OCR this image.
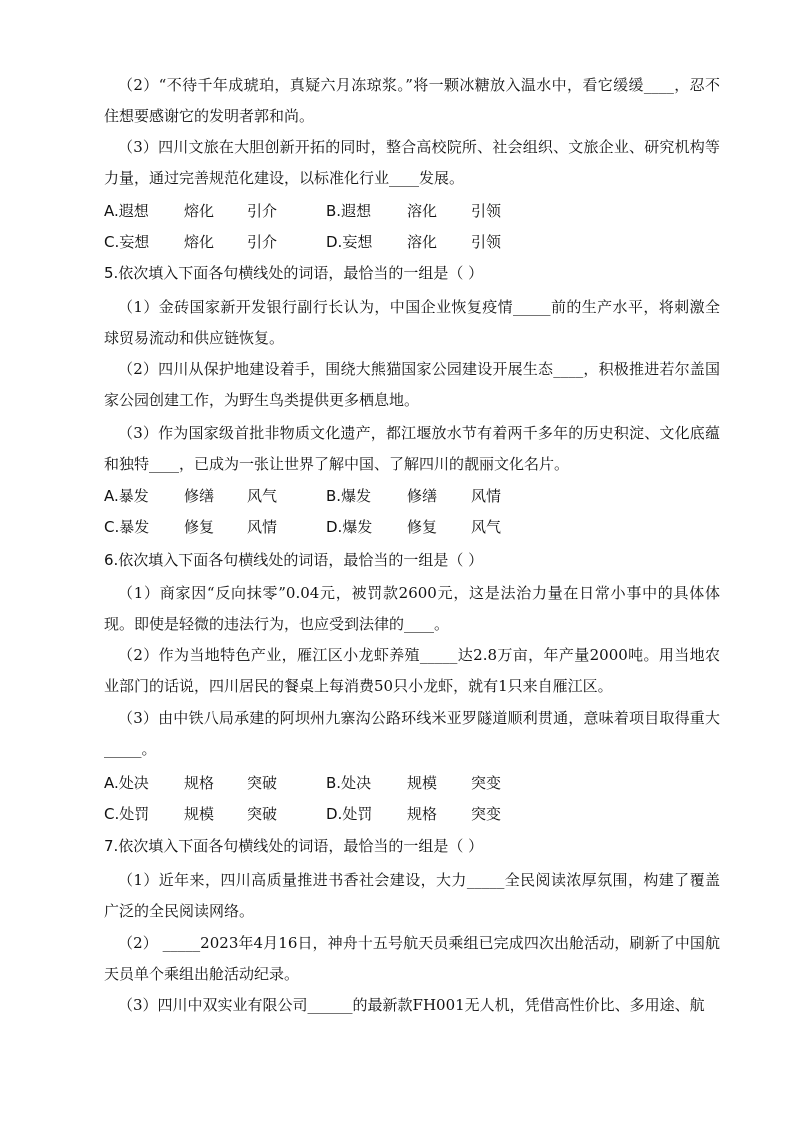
（2）“不待千年成琥珀，真疑六月冻琼浆。”将一颗冰糖放入温水中，看它缓缓____，忍不住想要感谢它的发明者郭和尚。
（3）四川文旅在大胆创新开拓的同时，整合高校院所、社会组织、文旅企业、研究机构等力量，通过完善规范化建设，以标准化行业____发展。
A.遐想 熔化 引介	B.遐想 溶化 引领
C.妄想 熔化 引介	D.妄想 溶化 引领
5.依次填入下面各句横线处的词语，最恰当的一组是（ ）
（1）金砖国家新开发银行副行长认为，中国企业恢复疫情_____前的生产水平，将刺激全球贸易流动和供应链恢复。
（2）四川从保护地建设着手，围绕大熊猫国家公园建设开展生态____，积极推进若尔盖国家公园创建工作，为野生鸟类提供更多栖息地。
（3）作为国家级首批非物质文化遗产，都江堰放水节有着两千多年的历史积淀、文化底蕴和独特____，已成为一张让世界了解中国、了解四川的靓丽文化名片。
A.暴发 修缮 风气	B.爆发 修缮 风情
C.暴发 修复 风情	D.爆发 修复 风气
6.依次填入下面各句横线处的词语，最恰当的一组是（ ）
（1）商家因“反向抹零”0.04元，被罚款2600元，这是法治力量在日常小事中的具体体现。即使是轻微的违法行为，也应受到法律的____。
（2）作为当地特色产业，雁江区小龙虾养殖_____达2.8万亩，年产量2000吨。用当地农业部门的话说，四川居民的餐桌上每消费50只小龙虾，就有1只来自雁江区。
（3）由中铁八局承建的阿坝州九寨沟公路环线米亚罗隧道顺利贯通，意味着项目取得重大_____。
A.处决 规格 突破	B.处决 规模 突变
C.处罚 规模 突破	D.处罚 规格 突变
7.依次填入下面各句横线处的词语，最恰当的一组是（ ）
（1）近年来，四川高质量推进书香社会建设，大力_____全民阅读浓厚氛围，构建了覆盖广泛的全民阅读网络。
（2） _____2023年4月16日，神舟十五号航天员乘组已完成四次出舱活动，刷新了中国航天员单个乘组出舱活动纪录。
（3）四川中双实业有限公司______的最新款FH001无人机，凭借高性价比、多用途、航
